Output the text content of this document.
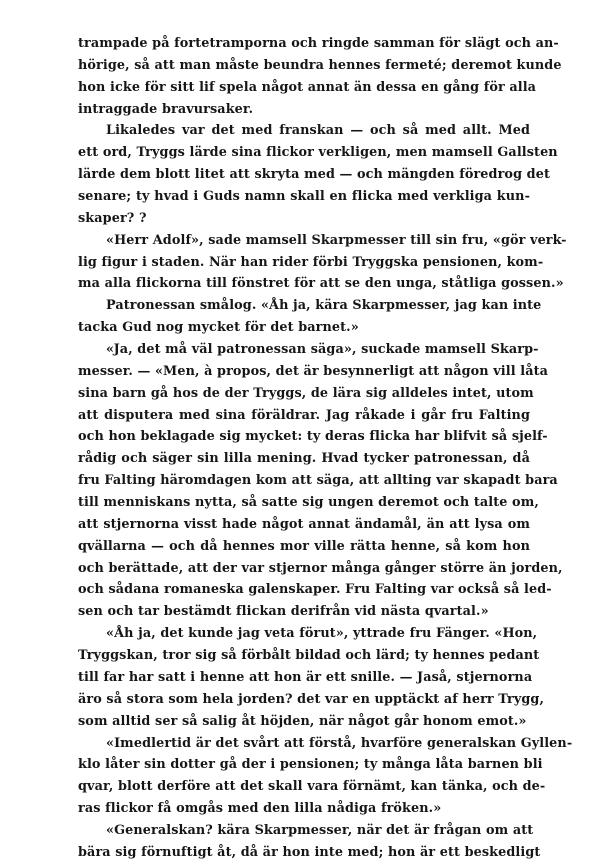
trampade på fortetramporna och ringde samman för slägt och an-
hörige, så att man måste beundra hennes fermeté; deremot kunde
hon icke för sitt lif spela något annat än dessa en gång för alla
intraggade bravursaker.
Likaledes var det med franskan — och så med allt. Med
ett ord, Tryggs lärde sina flickor verkligen, men mamsell Gallsten
lärde dem blott litet att skryta med — och mängden föredrog det
senare; ty hvad i Guds namn skall en flicka med verkliga kun-
skaper? ?
«Herr Adolf», sade mamsell Skarpmesser till sin fru, «gör verk-
lig figur i staden. När han rider förbi Tryggska pensionen, kom-
ma alla flickorna till fönstret för att se den unga, ståtliga gossen.»
Patronessan smålog. «Åh ja, kära Skarpmesser, jag kan inte
tacka Gud nog mycket för det barnet.»
«Ja, det må väl patronessan säga», suckade mamsell Skarp-
messer. — «Men, à propos, det är besynnerligt att någon vill låta
sina barn gå hos de der Tryggs, de lära sig alldeles intet, utom
att disputera med sina föräldrar. Jag råkade i går fru Falting
och hon beklagade sig mycket: ty deras flicka har blifvit så sjelf-
rådig och säger sin lilla mening. Hvad tycker patronessan, då
fru Falting häromdagen kom att säga, att allting var skapadt bara
till menniskans nytta, så satte sig ungen deremot och talte om,
att stjernorna visst hade något annat ändamål, än att lysa om
qvällarna — och då hennes mor ville rätta henne, så kom hon
och berättade, att der var stjernor många gånger större än jorden,
och sådana romaneska galenskaper. Fru Falting var också så led-
sen och tar bestämdt flickan derifrån vid nästa qvartal.»
«Åh ja, det kunde jag veta förut», yttrade fru Fänger. «Hon,
Tryggskan, tror sig så förbålt bildad och lärd; ty hennes pedant
till far har satt i henne att hon är ett snille. — Jaså, stjernorna
äro så stora som hela jorden? det var en upptäckt af herr Trygg,
som alltid ser så salig åt höjden, när något går honom emot.»
«Imedlertid är det svårt att förstå, hvarföre generalskan Gyllen-
klo låter sin dotter gå der i pensionen; ty många låta barnen bli
qvar, blott derföre att det skall vara förnämt, kan tänka, och de-
ras flickor få omgås med den lilla nådiga fröken.»
«Generalskan? kära Skarpmesser, när det är frågan om att
bära sig förnuftigt åt, då är hon inte med; hon är ett beskedligt
